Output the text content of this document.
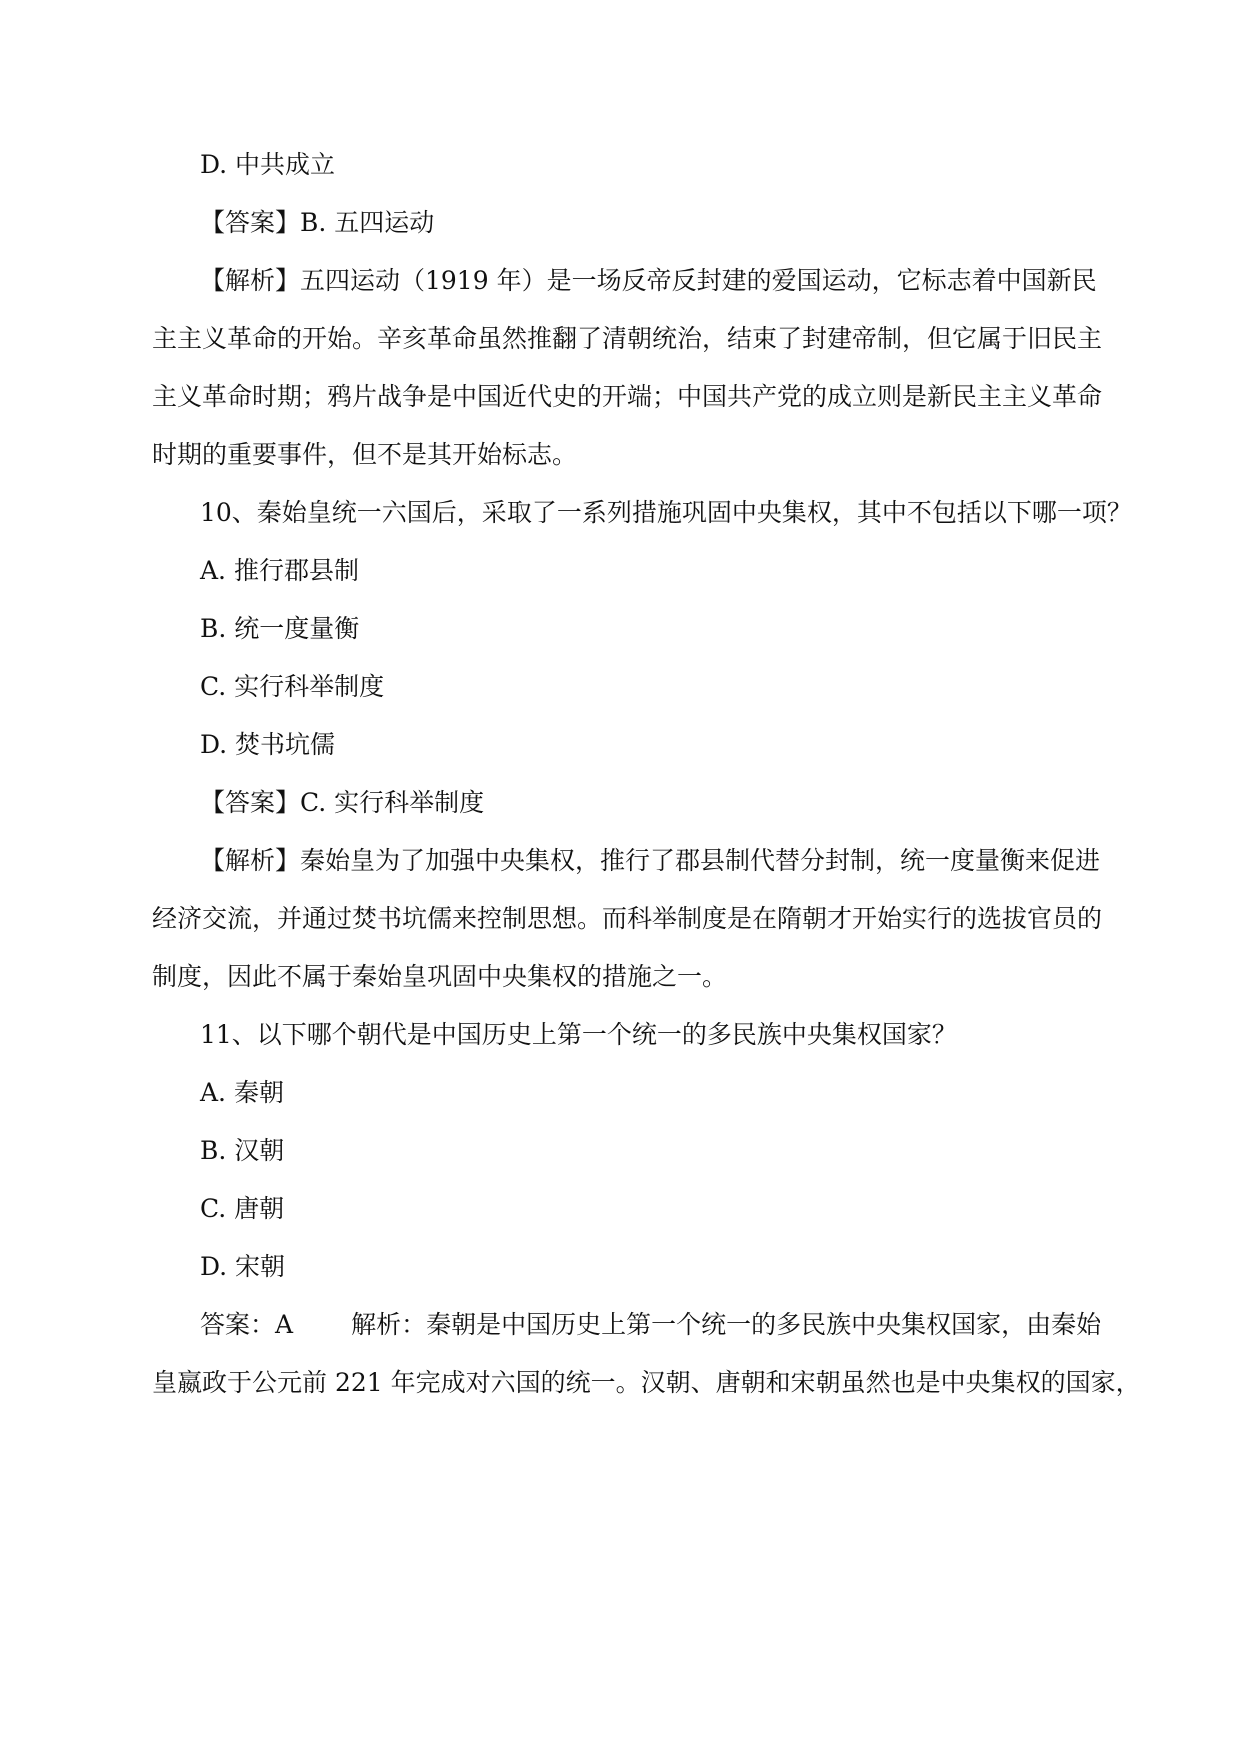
D. 中共成立
【答案】B. 五四运动
【解析】五四运动（1919 年）是一场反帝反封建的爱国运动，它标志着中国新民
主主义革命的开始。辛亥革命虽然推翻了清朝统治，结束了封建帝制，但它属于旧民主
主义革命时期；鸦片战争是中国近代史的开端；中国共产党的成立则是新民主主义革命
时期的重要事件，但不是其开始标志。
10、秦始皇统一六国后，采取了一系列措施巩固中央集权，其中不包括以下哪一项？
A. 推行郡县制
B. 统一度量衡
C. 实行科举制度
D. 焚书坑儒
【答案】C. 实行科举制度
【解析】秦始皇为了加强中央集权，推行了郡县制代替分封制，统一度量衡来促进
经济交流，并通过焚书坑儒来控制思想。而科举制度是在隋朝才开始实行的选拔官员的
制度，因此不属于秦始皇巩固中央集权的措施之一。
11、以下哪个朝代是中国历史上第一个统一的多民族中央集权国家？
A. 秦朝
B. 汉朝
C. 唐朝
D. 宋朝
答案：A 解析：秦朝是中国历史上第一个统一的多民族中央集权国家，由秦始
皇嬴政于公元前 221 年完成对六国的统一。汉朝、唐朝和宋朝虽然也是中央集权的国家，
